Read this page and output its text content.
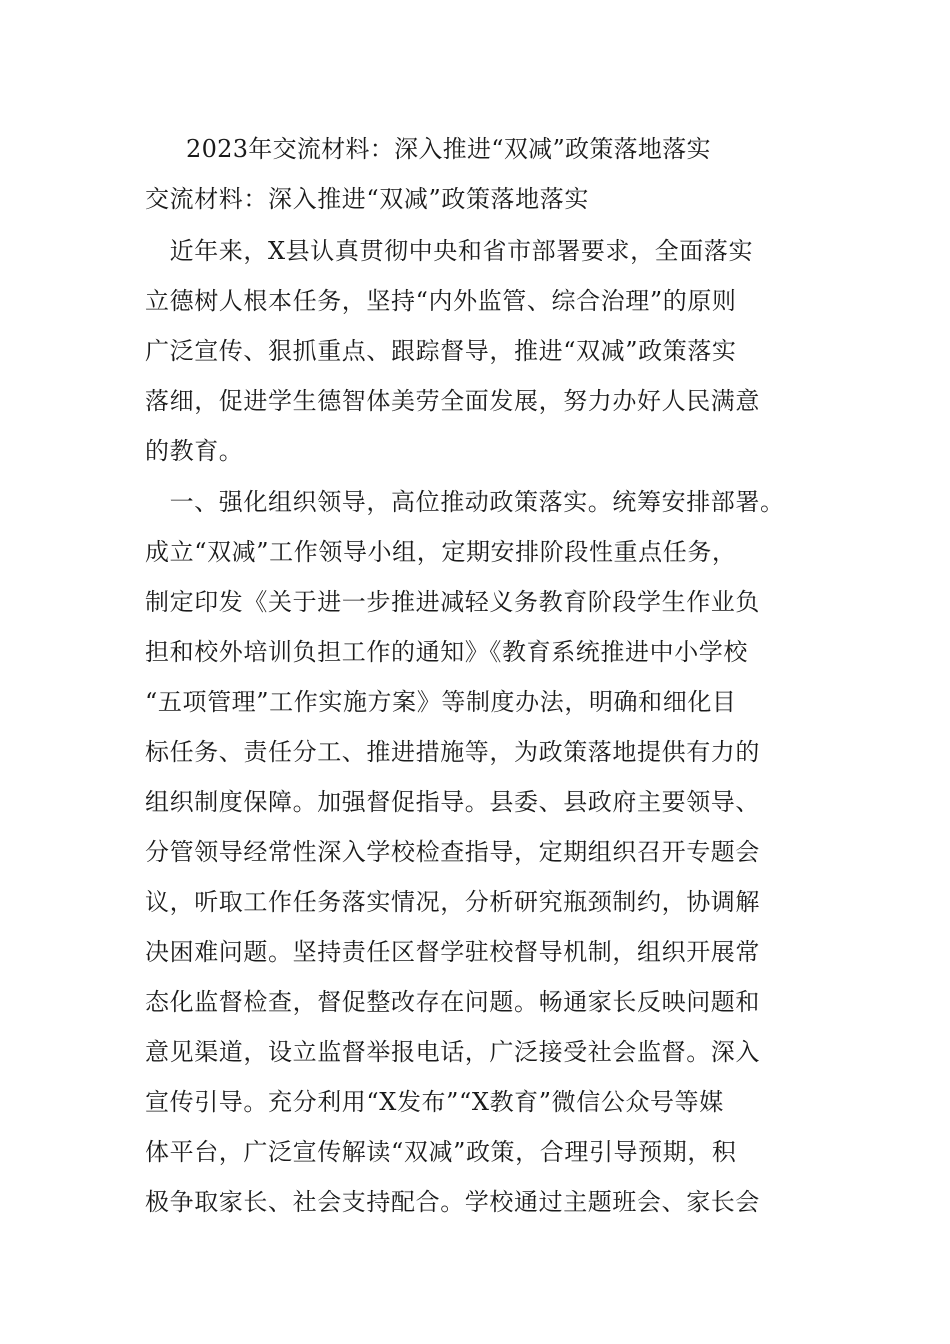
2023年交流材料：深入推进“双减”政策落地落实
交流材料：深入推进“双减”政策落地落实
　近年来，X县认真贯彻中央和省市部署要求，全面落实
立德树人根本任务，坚持“内外监管、综合治理”的原则
广泛宣传、狠抓重点、跟踪督导，推进“双减”政策落实
落细，促进学生德智体美劳全面发展，努力办好人民满意
的教育。
　一、强化组织领导，高位推动政策落实。统筹安排部署。
成立“双减”工作领导小组，定期安排阶段性重点任务，
制定印发《关于进一步推进减轻义务教育阶段学生作业负
担和校外培训负担工作的通知》《教育系统推进中小学校
“五项管理”工作实施方案》等制度办法，明确和细化目
标任务、责任分工、推进措施等，为政策落地提供有力的
组织制度保障。加强督促指导。县委、县政府主要领导、
分管领导经常性深入学校检查指导，定期组织召开专题会
议，听取工作任务落实情况，分析研究瓶颈制约，协调解
决困难问题。坚持责任区督学驻校督导机制，组织开展常
态化监督检查，督促整改存在问题。畅通家长反映问题和
意见渠道，设立监督举报电话，广泛接受社会监督。深入
宣传引导。充分利用“X发布”“X教育”微信公众号等媒
体平台，广泛宣传解读“双减”政策，合理引导预期，积
极争取家长、社会支持配合。学校通过主题班会、家长会
